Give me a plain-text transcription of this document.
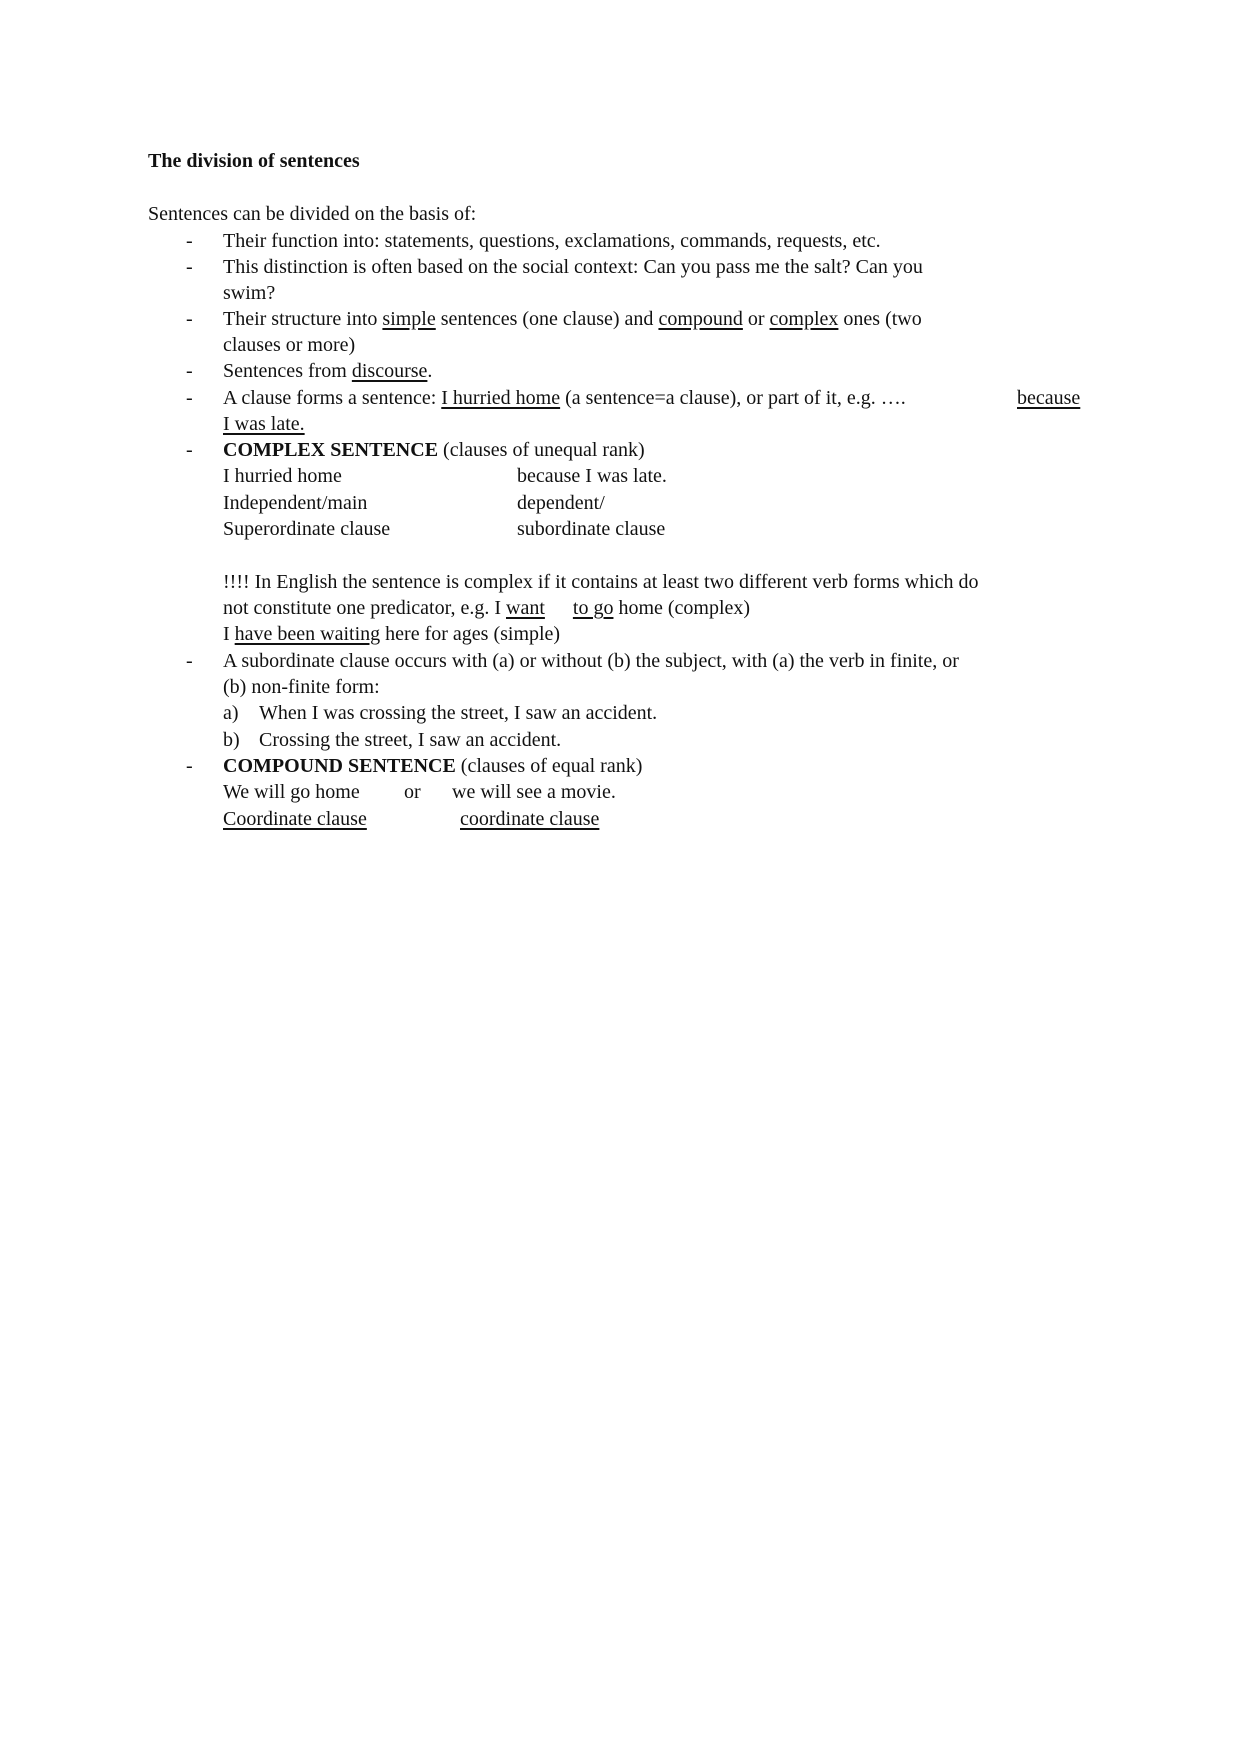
The division of sentences
Sentences can be divided on the basis of:
- Their function into: statements, questions, exclamations, commands, requests, etc.
- This distinction is often based on the social context: Can you pass me the salt? Can you
swim?
- Their structure into simple sentences (one clause) and compound or complex ones (two
clauses or more)
- Sentences from discourse.
- A clause forms a sentence: I hurried home (a sentence=a clause), or part of it, e.g. ….	because
I was late.
- COMPLEX SENTENCE (clauses of unequal rank)
I hurried home	because I was late.
Independent/main	dependent/
Superordinate clause	subordinate clause
!!!! In English the sentence is complex if it contains at least two different verb forms which do
not constitute one predicator, e.g. I want to go home (complex)
I have been waiting here for ages (simple)
- A subordinate clause occurs with (a) or without (b) the subject, with (a) the verb in finite, or
(b) non-finite form:
a) When I was crossing the street, I saw an accident.
b) Crossing the street, I saw an accident.
- COMPOUND SENTENCE (clauses of equal rank)
We will go home or we will see a movie.
Coordinate clause	coordinate clause
